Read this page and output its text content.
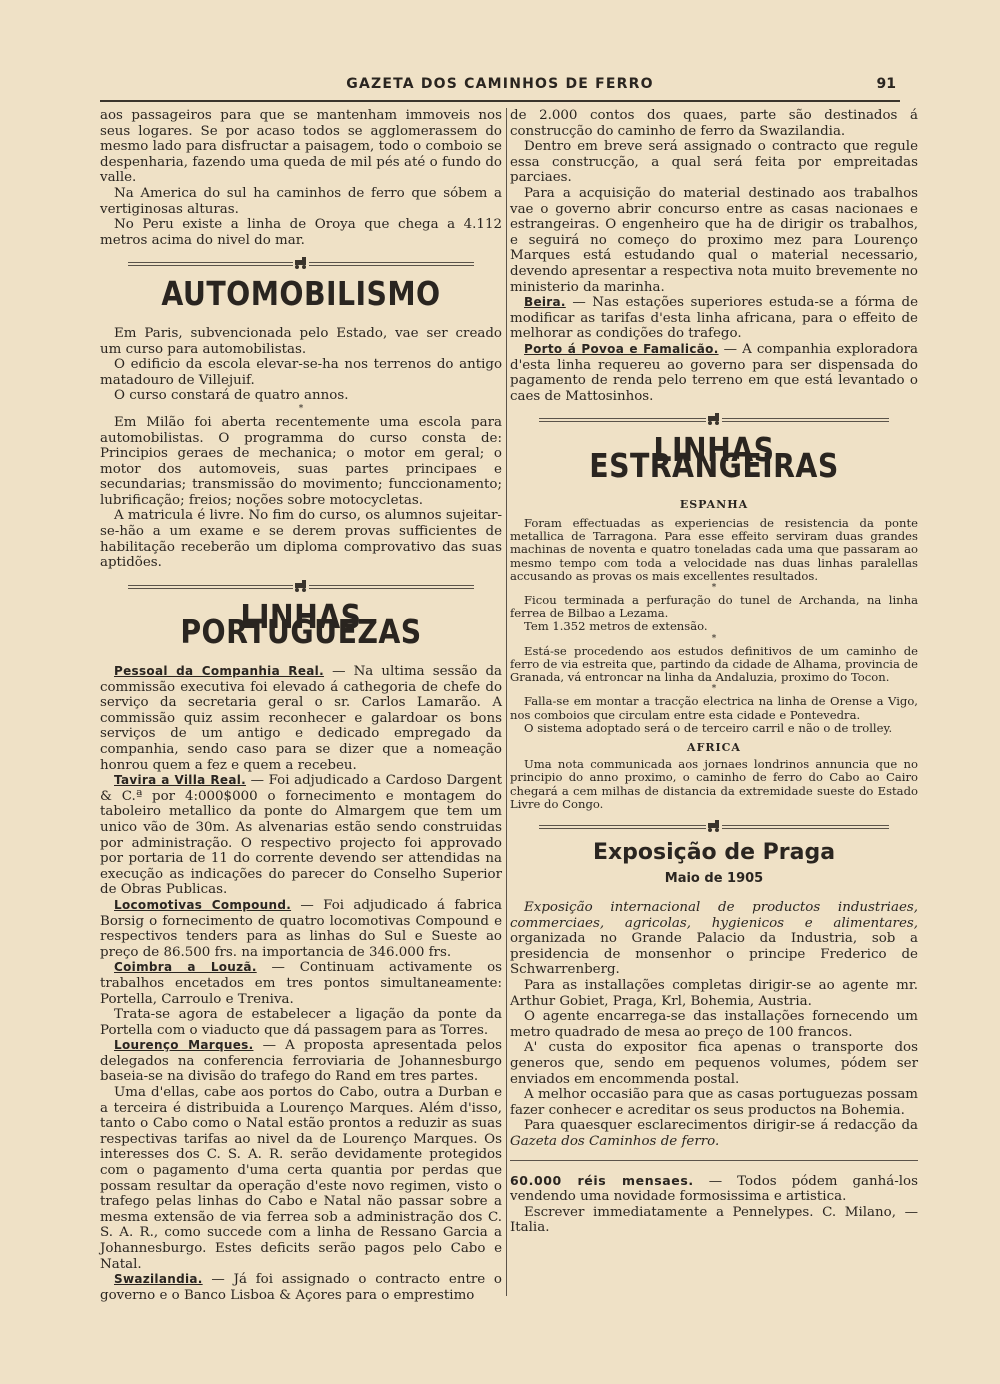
GAZETA DOS CAMINHOS DE FERRO	91

aos passageiros para que se mantenham immoveis nos seus logares. Se por acaso todos se agglomerassem do mesmo lado para disfructar a paisagem, todo o comboio se despenharia, fazendo uma queda de mil pés até o fundo do valle.

Na America do sul ha caminhos de ferro que sóbem a vertiginosas alturas.

No Peru existe a linha de Oroya que chega a 4.112 metros acima do nivel do mar.

AUTOMOBILISMO

Em Paris, subvencionada pelo Estado, vae ser creado um curso para automobilistas.

O edificio da escola elevar-se-ha nos terrenos do antigo matadouro de Villejuif.

O curso constará de quatro annos.

*

Em Milão foi aberta recentemente uma escola para automobilistas. O programma do curso consta de: Principios geraes de mechanica; o motor em geral; o motor dos automoveis, suas partes principaes e secundarias; transmissão do movimento; funccionamento; lubrificação; freios; noções sobre motocycletas.

A matricula é livre. No fim do curso, os alumnos sujeitar-se-hão a um exame e se derem provas sufficientes de habilitação receberão um diploma comprovativo das suas aptidões.

LINHAS PORTUGUEZAS

Pessoal da Companhia Real. — Na ultima sessão da commissão executiva foi elevado á cathegoria de chefe do serviço da secretaria geral o sr. Carlos Lamarão. A commissão quiz assim reconhecer e galardoar os bons serviços de um antigo e dedicado empregado da companhia, sendo caso para se dizer que a nomeação honrou quem a fez e quem a recebeu.

Tavira a Villa Real. — Foi adjudicado a Cardoso Dargent & C.ª por 4:000$000 o fornecimento e montagem do taboleiro metallico da ponte do Almargem que tem um unico vão de 30m. As alvenarias estão sendo construidas por administração. O respectivo projecto foi approvado por portaria de 11 do corrente devendo ser attendidas na execução as indicações do parecer do Conselho Superior de Obras Publicas.

Locomotivas Compound. — Foi adjudicado á fabrica Borsig o fornecimento de quatro locomotivas Compound e respectivos tenders para as linhas do Sul e Sueste ao preço de 86.500 frs. na importancia de 346.000 frs.

Coimbra a Louzã. — Continuam activamente os trabalhos encetados em tres pontos simultaneamente: Portella, Carroulo e Treniva.

Trata-se agora de estabelecer a ligação da ponte da Portella com o viaducto que dá passagem para as Torres.

Lourenço Marques. — A proposta apresentada pelos delegados na conferencia ferroviaria de Johannesburgo baseia-se na divisão do trafego do Rand em tres partes.

Uma d'ellas, cabe aos portos do Cabo, outra a Durban e a terceira é distribuida a Lourenço Marques. Além d'isso, tanto o Cabo como o Natal estão prontos a reduzir as suas respectivas tarifas ao nivel da de Lourenço Marques. Os interesses dos C. S. A. R. serão devidamente protegidos com o pagamento d'uma certa quantia por perdas que possam resultar da operação d'este novo regimen, visto o trafego pelas linhas do Cabo e Natal não passar sobre a mesma extensão de via ferrea sob a administração dos C. S. A. R., como succede com a linha de Ressano Garcia a Johannesburgo. Estes deficits serão pagos pelo Cabo e Natal.

Swazilandia. — Já foi assignado o contracto entre o governo e o Banco Lisboa & Açores para o emprestimo

de 2.000 contos dos quaes, parte são destinados á construcção do caminho de ferro da Swazilandia.

Dentro em breve será assignado o contracto que regule essa construcção, a qual será feita por empreitadas parciaes.

Para a acquisição do material destinado aos trabalhos vae o governo abrir concurso entre as casas nacionaes e estrangeiras. O engenheiro que ha de dirigir os trabalhos, e seguirá no começo do proximo mez para Lourenço Marques está estudando qual o material necessario, devendo apresentar a respectiva nota muito brevemente no ministerio da marinha.

Beira. — Nas estações superiores estuda-se a fórma de modificar as tarifas d'esta linha africana, para o effeito de melhorar as condições do trafego.

Porto á Povoa e Famalicão. — A companhia exploradora d'esta linha requereu ao governo para ser dispensada do pagamento de renda pelo terreno em que está levantado o caes de Mattosinhos.

LINHAS ESTRANGEIRAS
ESPANHA

Foram effectuadas as experiencias de resistencia da ponte metallica de Tarragona. Para esse effeito serviram duas grandes machinas de noventa e quatro toneladas cada uma que passaram ao mesmo tempo com toda a velocidade nas duas linhas paralellas accusando as provas os mais excellentes resultados.

*

Ficou terminada a perfuração do tunel de Archanda, na linha ferrea de Bilbao a Lezama.

Tem 1.352 metros de extensão.

*

Está-se procedendo aos estudos definitivos de um caminho de ferro de via estreita que, partindo da cidade de Alhama, provincia de Granada, vá entroncar na linha da Andaluzia, proximo do Tocon.

*

Falla-se em montar a tracção electrica na linha de Orense a Vigo, nos comboios que circulam entre esta cidade e Pontevedra.

O sistema adoptado será o de terceiro carril e não o de trolley.

AFRICA

Uma nota communicada aos jornaes londrinos annuncia que no principio do anno proximo, o caminho de ferro do Cabo ao Cairo chegará a cem milhas de distancia da extremidade sueste do Estado Livre do Congo.

Exposição de Praga
Maio de 1905

Exposição internacional de productos industriaes, commerciaes, agricolas, hygienicos e alimentares, organizada no Grande Palacio da Industria, sob a presidencia de monsenhor o principe Frederico de Schwarrenberg.

Para as installações completas dirigir-se ao agente mr. Arthur Gobiet, Praga, Krl, Bohemia, Austria.

O agente encarrega-se das installações fornecendo um metro quadrado de mesa ao preço de 100 francos.

A' custa do expositor fica apenas o transporte dos generos que, sendo em pequenos volumes, pódem ser enviados em encommenda postal.

A melhor occasião para que as casas portuguezas possam fazer conhecer e acreditar os seus productos na Bohemia.

Para quaesquer esclarecimentos dirigir-se á redacção da Gazeta dos Caminhos de ferro.

60.000 réis mensaes. — Todos pódem ganhá-los vendendo uma novidade formosissima e artistica.

Escrever immediatamente a Pennelypes. C. Milano, — Italia.
